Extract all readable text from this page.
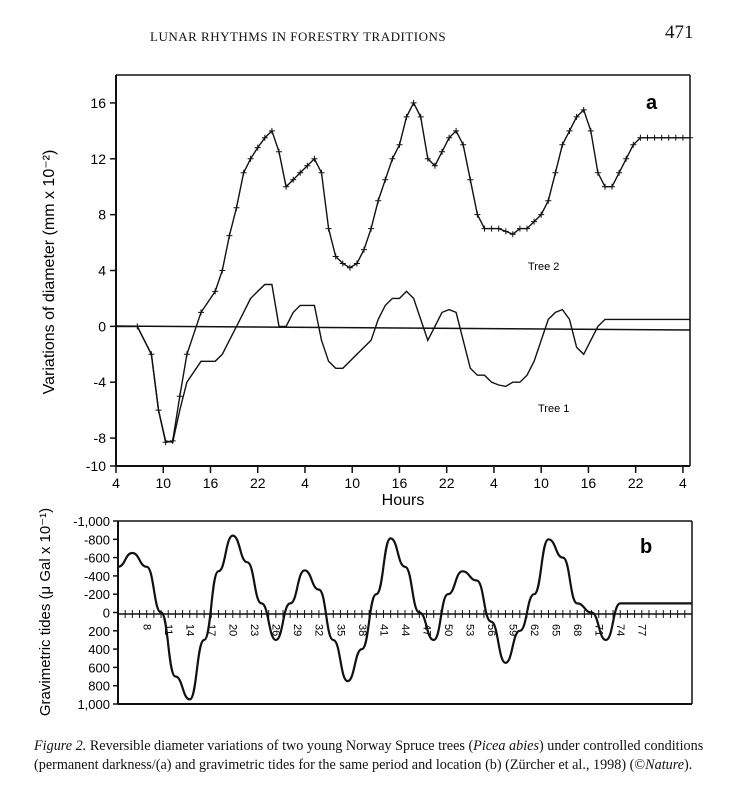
LUNAR RHYTHMS IN FORESTRY TRADITIONS	471
16
12
8
4
0
-4
-8
-10
4	10 16 22	4	10 16 22	4	10 16 22	4
a
Variations of diameter (mm x 10⁻²)
Hours
Tree 2
Tree 1
-1,000
-800
-600
-400
-200
0
200
400
600
800
1,000
8 11 14 17 20 23 26 29 32 35 38 41 44 47 50 53 56 59 62 65 68 71 74 77
b
Gravimetric tides (μ Gal x 10⁻¹)
Figure 2. Reversible diameter variations of two young Norway Spruce trees (Picea abies) under controlled conditions (permanent darkness/(a) and gravimetric tides for the same period and location (b) (Zürcher et al., 1998) (©Nature).
